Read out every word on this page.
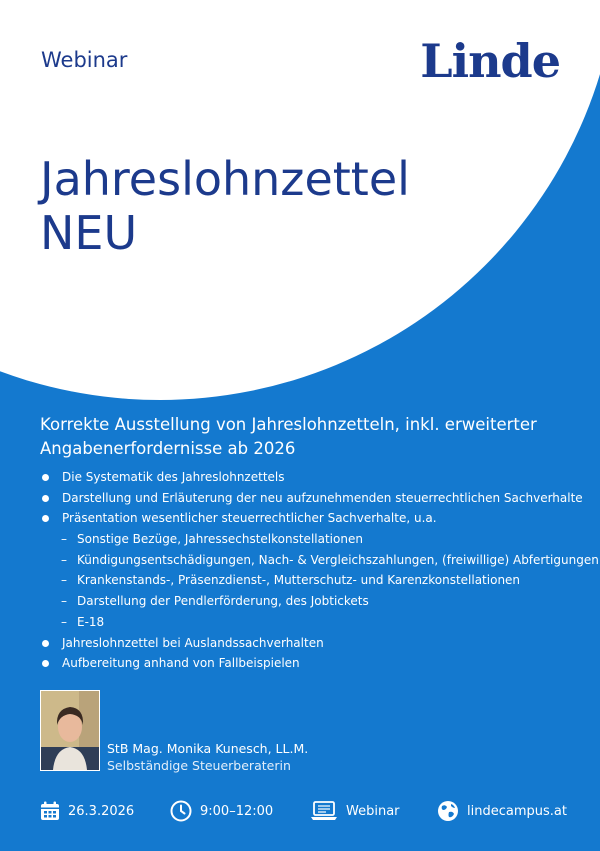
Webinar	Linde
Jahreslohnzettel
NEU
Korrekte Ausstellung von Jahreslohnzetteln, inkl. erweiterter Angabenerfordernisse ab 2026
Die Systematik des Jahreslohnzettels
Darstellung und Erläuterung der neu aufzunehmenden steuerrechtlichen Sachverhalte
Präsentation wesentlicher steuerrechtlicher Sachverhalte, u.a.
– Sonstige Bezüge, Jahressechstelkonstellationen
– Kündigungsentschädigungen, Nach- & Vergleichszahlungen, (freiwillige) Abfertigungen
– Krankenstands-, Präsenzdienst-, Mutterschutz- und Karenzkonstellationen
– Darstellung der Pendlerförderung, des Jobtickets
– E-18
Jahreslohnzettel bei Auslandssachverhalten
Aufbereitung anhand von Fallbeispielen
StB Mag. Monika Kunesch, LL.M.
Selbständige Steuerberaterin
26.3.2026	9:00–12:00	Webinar	lindecampus.at
